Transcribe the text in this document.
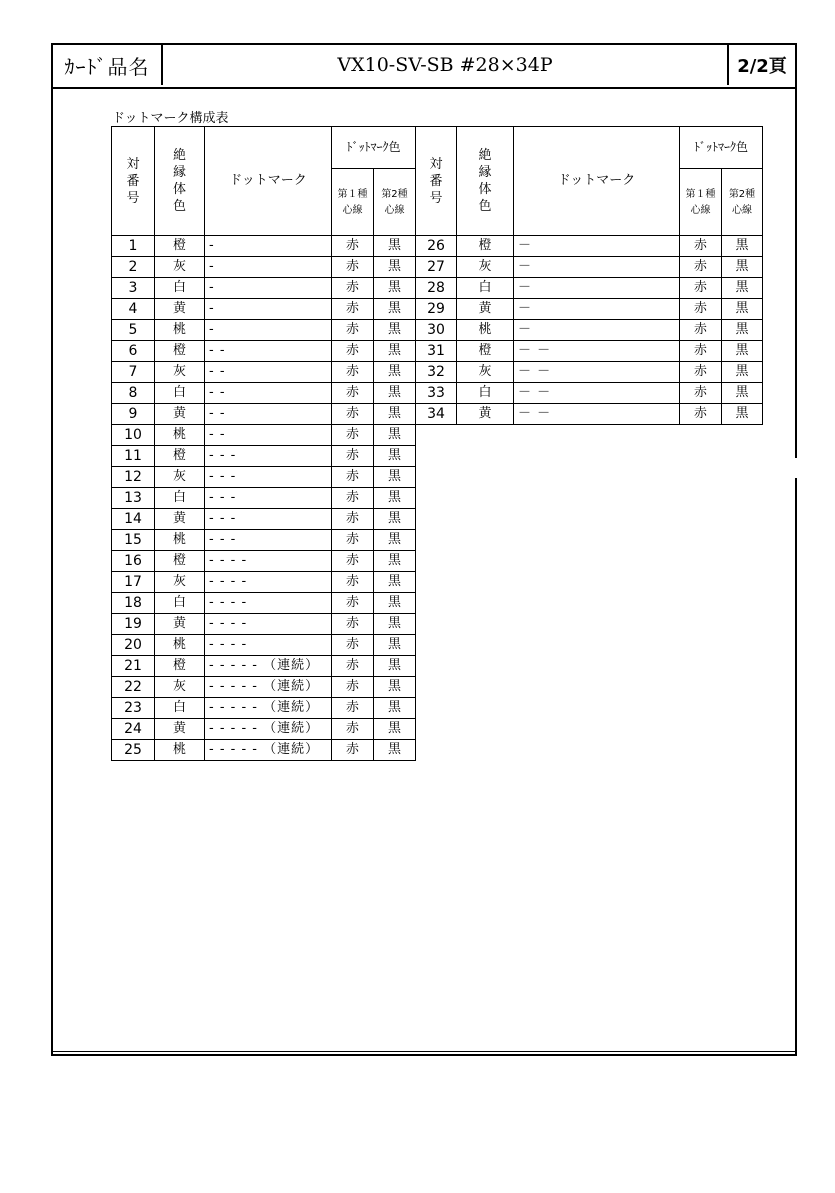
ｶｰﾄﾞ品名	VX10-SV-SB #28×34P	2/2頁
ドットマーク構成表
対番号	絶縁体色	ドットマーク	ﾄﾞｯﾄﾏｰｸ色	
			第１種
心線	第2種
心線
1	橙	-	赤	黒
2	灰	-	赤	黒
3	白	-	赤	黒
4	黄	-	赤	黒
5	桃	-	赤	黒
6	橙	- -	赤	黒
7	灰	- -	赤	黒
8	白	- -	赤	黒
9	黄	- -	赤	黒
10	桃	- -	赤	黒
11	橙	- - -	赤	黒
12	灰	- - -	赤	黒
13	白	- - -	赤	黒
14	黄	- - -	赤	黒
15	桃	- - -	赤	黒
16	橙	- - - -	赤	黒
17	灰	- - - -	赤	黒
18	白	- - - -	赤	黒
19	黄	- - - -	赤	黒
20	桃	- - - -	赤	黒
21	橙	- - - - - （連続）	赤	黒
22	灰	- - - - - （連続）	赤	黒
23	白	- - - - - （連続）	赤	黒
24	黄	- - - - - （連続）	赤	黒
25	桃	- - - - - （連続）	赤	黒
対番号	絶縁体色	ドットマーク	ﾄﾞｯﾄﾏｰｸ色	
			第１種
心線	第2種
心線
26	橙	－	赤	黒
27	灰	－	赤	黒
28	白	－	赤	黒
29	黄	－	赤	黒
30	桃	－	赤	黒
31	橙	－ －	赤	黒
32	灰	－ －	赤	黒
33	白	－ －	赤	黒
34	黄	－ －	赤	黒
